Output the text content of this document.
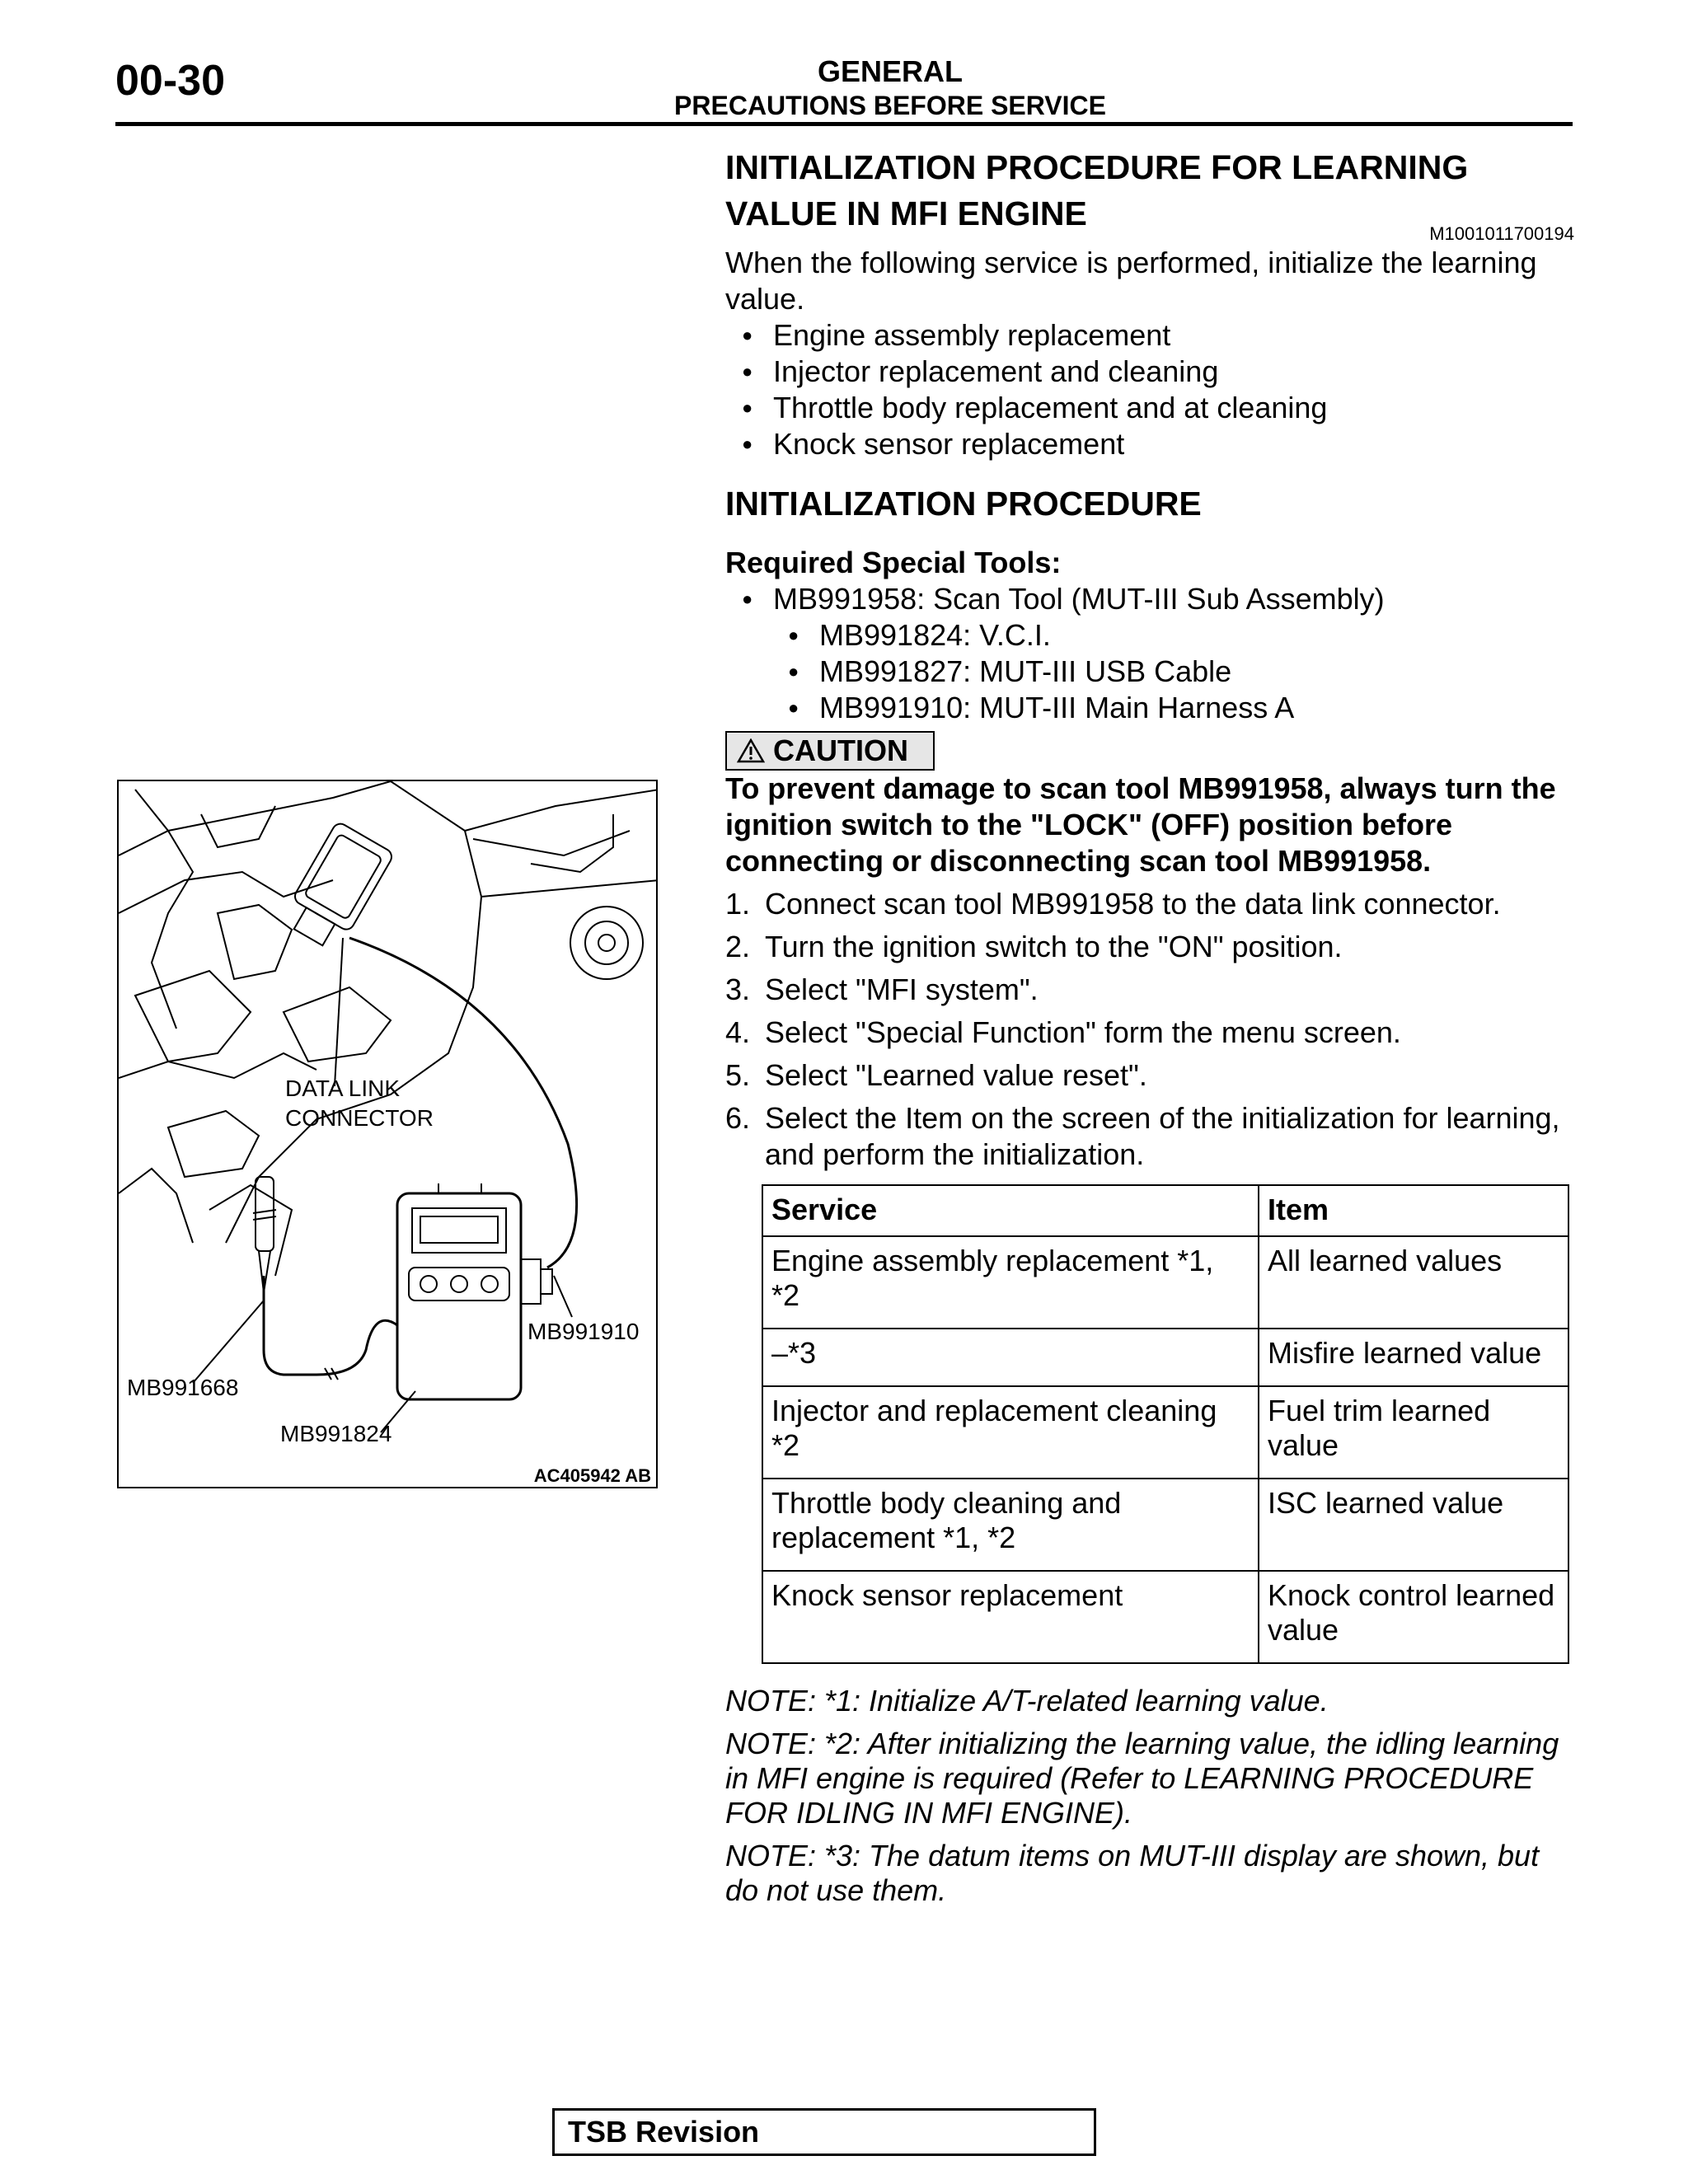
00-30	GENERAL
PRECAUTIONS BEFORE SERVICE
DATA LINK
CONNECTOR
MB991910
MB991668
MB991824
AC405942 AB
INITIALIZATION PROCEDURE FOR LEARNING
VALUE IN MFI ENGINE
M1001011700194
When the following service is performed, initialize the learning value.
● Engine assembly replacement
● Injector replacement and cleaning
● Throttle body replacement and at cleaning
● Knock sensor replacement
INITIALIZATION PROCEDURE
Required Special Tools:
● MB991958: Scan Tool (MUT-III Sub Assembly)
● MB991824: V.C.I.
● MB991827: MUT-III USB Cable
● MB991910: MUT-III Main Harness A
CAUTION
To prevent damage to scan tool MB991958, always turn the ignition switch to the "LOCK" (OFF) position before connecting or disconnecting scan tool MB991958.
1. Connect scan tool MB991958 to the data link connector.
2. Turn the ignition switch to the "ON" position.
3. Select "MFI system".
4. Select "Special Function" form the menu screen.
5. Select "Learned value reset".
6. Select the Item on the screen of the initialization for learning, and perform the initialization.
Service	Item
Engine assembly replacement *1, *2	All learned values
–*3	Misfire learned value
Injector and replacement cleaning *2	Fuel trim learned value
Throttle body cleaning and replacement *1, *2	ISC learned value
Knock sensor replacement	Knock control learned value
NOTE: *1: Initialize A/T-related learning value.
NOTE: *2: After initializing the learning value, the idling learning in MFI engine is required (Refer to LEARNING PROCEDURE FOR IDLING IN MFI ENGINE).
NOTE: *3: The datum items on MUT-III display are shown, but do not use them.
TSB Revision
